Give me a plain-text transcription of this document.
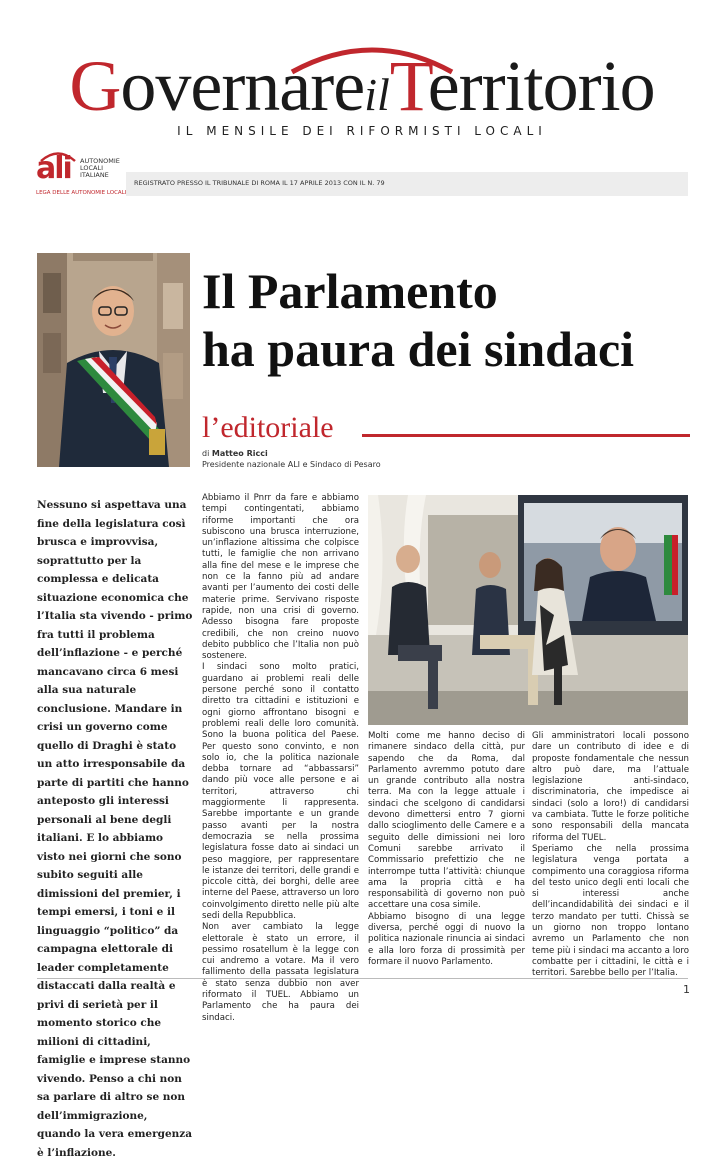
GovernareilTerritorio
IL MENSILE DEI RIFORMISTI LOCALI
ali AUTONOMIE
LOCALI
ITALIANE
LEGA DELLE AUTONOMIE LOCALI
REGISTRATO PRESSO IL TRIBUNALE DI ROMA IL 17 APRILE 2013 CON IL N. 79
Il Parlamento
ha paura dei sindaci
l’editoriale
di Matteo Ricci
Presidente nazionale ALI e Sindaco di Pesaro
Nessuno si aspettava una fine della legislatura così brusca e improvvisa, soprattutto per la complessa e delicata situazione economica che l’Italia sta vivendo - primo fra tutti il problema dell’inflazione - e perché mancavano circa 6 mesi alla sua naturale conclusione. Mandare in crisi un governo come quello di Draghi è stato un atto irresponsabile da parte di partiti che hanno anteposto gli interessi personali al bene degli italiani. E lo abbiamo visto nei giorni che sono subito seguiti alle dimissioni del premier, i tempi emersi, i toni e il linguaggio “politico” da campagna elettorale di leader completamente distaccati dalla realtà e privi di serietà per il momento storico che milioni di cittadini, famiglie e imprese stanno vivendo. Penso a chi non sa parlare di altro se non dell’immigrazione, quando la vera emergenza è l’inflazione.

Abbiamo il Pnrr da fare e abbiamo tempi contingentati, abbiamo riforme importanti che ora subiscono una brusca interruzione, un’inflazione altissima che colpisce tutti, le famiglie che non arrivano alla fine del mese e le imprese che non ce la fanno più ad andare avanti per l’aumento dei costi delle materie prime. Servivano risposte rapide, non una crisi di governo. Adesso bisogna fare proposte credibili, che non creino nuovo debito pubblico che l’Italia non può sostenere.

I sindaci sono molto pratici, guardano ai problemi reali delle persone perché sono il contatto diretto tra cittadini e istituzioni e ogni giorno affrontano bisogni e problemi reali delle loro comunità. Sono la buona politica del Paese. Per questo sono convinto, e non solo io, che la politica nazionale debba tornare ad “abbassarsi” dando più voce alle persone e ai territori, attraverso chi maggiormente li rappresenta. Sarebbe importante e un grande passo avanti per la nostra democrazia se nella prossima legislatura fosse dato ai sindaci un peso maggiore, per rappresentare le istanze dei territori, delle grandi e piccole città, dei borghi, delle aree interne del Paese, attraverso un loro coinvolgimento diretto nelle più alte sedi della Repubblica.

Non aver cambiato la legge elettorale è stato un errore, il pessimo rosatellum è la legge con cui andremo a votare. Ma il vero fallimento della passata legislatura è stato senza dubbio non aver riformato il TUEL. Abbiamo un Parlamento che ha paura dei sindaci.

Molti come me hanno deciso di rimanere sindaco della città, pur sapendo che da Roma, dal Parlamento avremmo potuto dare un grande contributo alla nostra terra. Ma con la legge attuale i sindaci che scelgono di candidarsi devono dimettersi entro 7 giorni dallo scioglimento delle Camere e a seguito delle dimissioni nei loro Comuni sarebbe arrivato il Commissario prefettizio che ne interrompe tutta l’attività: chiunque ama la propria città e ha responsabilità di governo non può accettare una cosa simile.

Abbiamo bisogno di una legge diversa, perché oggi di nuovo la politica nazionale rinuncia ai sindaci e alla loro forza di prossimità per formare il nuovo Parlamento.

Gli amministratori locali possono dare un contributo di idee e di proposte fondamentale che nessun altro può dare, ma l’attuale legislazione anti-sindaco, discriminatoria, che impedisce ai sindaci (solo a loro!) di candidarsi va cambiata. Tutte le forze politiche sono responsabili della mancata riforma del TUEL.

Speriamo che nella prossima legislatura venga portata a compimento una coraggiosa riforma del testo unico degli enti locali che si interessi anche dell’incandidabilità dei sindaci e il terzo mandato per tutti. Chissà se un giorno non troppo lontano avremo un Parlamento che non teme più i sindaci ma accanto a loro combatte per i cittadini, le città e i territori. Sarebbe bello per l’Italia.

1
